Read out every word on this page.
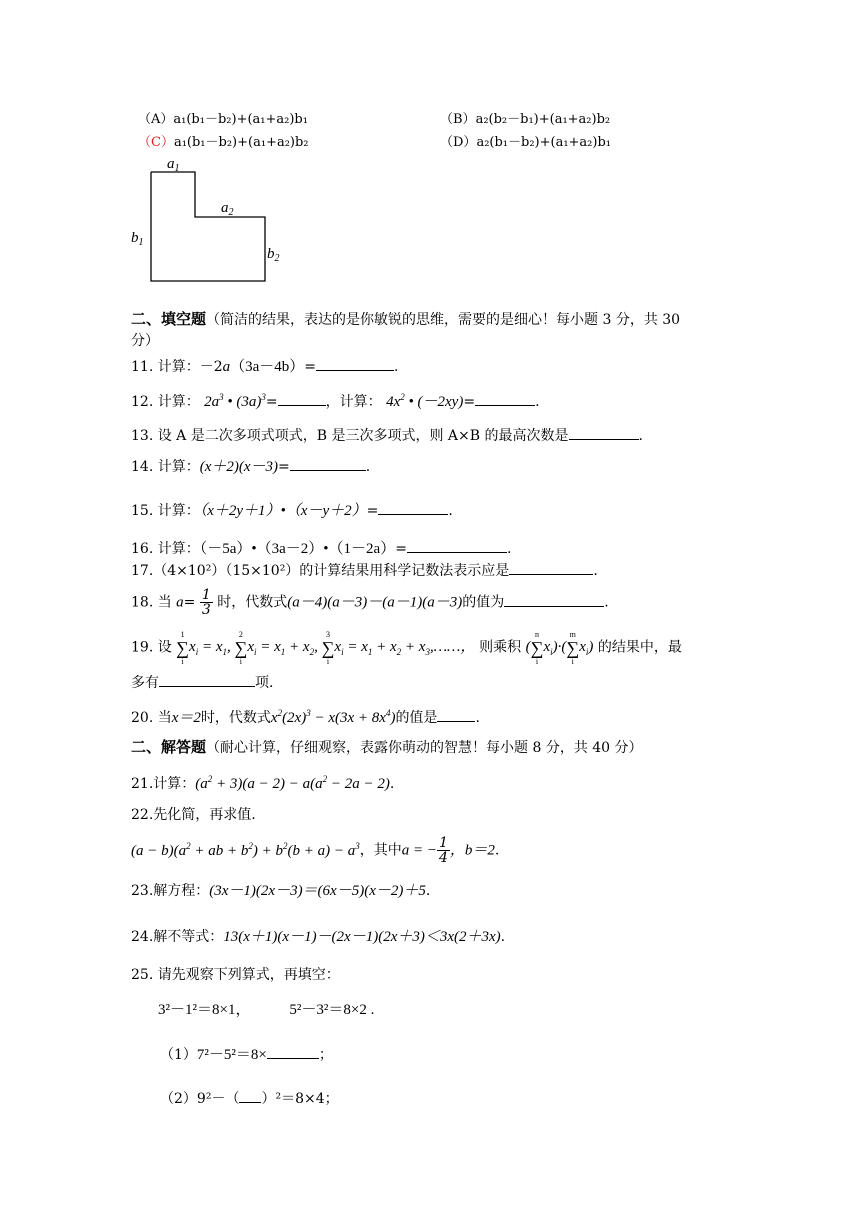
（A）a₁(b₁－b₂)+(a₁+a₂)b₁	（B）a₂(b₂－b₁)+(a₁+a₂)b₂
（C）a₁(b₁－b₂)+(a₁+a₂)b₂	（D）a₂(b₁－b₂)+(a₁+a₂)b₁
$a_1$
$a_2$
$b_1$
$b_2$
二、填空题（简洁的结果，表达的是你敏锐的思维，需要的是细心！每小题 3 分，共 30
分）
11. 计算：－2a（3a－4b）=	.
12. 计算： $2a^3$ • $(3a)^3=$	，计算： $4x^2$ • (－2xy)=	.
13. 设 A 是二次多项式项式，B 是三次多项式，则 A×B 的最高次数是	.
14. 计算：(x＋2)(x－3)=	.
15. 计算：（x＋2y＋1）•（x－y＋2）=	.
16. 计算：（－5a）•（3a－2）•（1－2a）=	.
17.（4×10²）（15×10²）的计算结果用科学记数法表示应是	.
18. 当 $a= \frac{1}{3}$ 时，代数式(a－4)(a－3)－(a－1)(a－3)的值为	.
19. 设
1
∑
i
$x_i = x_1$,
2
∑
i
$x_i = x_1 + x_2$,
3
∑
i
$x_i = x_1 + x_2$ + $x_3,\dots\dots$， 则乘积 (
n
∑
i
$x_i)\cdot$(
m
∑
i
$x_i$) 的结果中，最
多有	项.
20. 当x＝2时，代数式$x^2(2x)^3 - x(3x + 8x^4)$的值是	.
二、解答题（耐心计算，仔细观察，表露你萌动的智慧！每小题 8 分，共 40 分）
21.计算：$(a^2 + 3)(a - 2) - a(a^2 - 2a - 2)$.
22.先化简，再求值.
$(a - b)(a^2$ + ab + $b^2) + b^2(b + a) - a^3$，其中a = − $\frac{1}{4}$ ，b＝2.
23.解方程：(3x－1)(2x－3)＝(6x－5)(x－2)＋5.
24.解不等式：13(x＋1)(x－1)－(2x－1)(2x＋3)＜3x(2＋3x).
25. 请先观察下列算式，再填空：
3²－1²＝8×1，	5²－3²＝8×2 .
（1）7²－5²＝8×	；
（2）9²－（ ）²＝8×4；
